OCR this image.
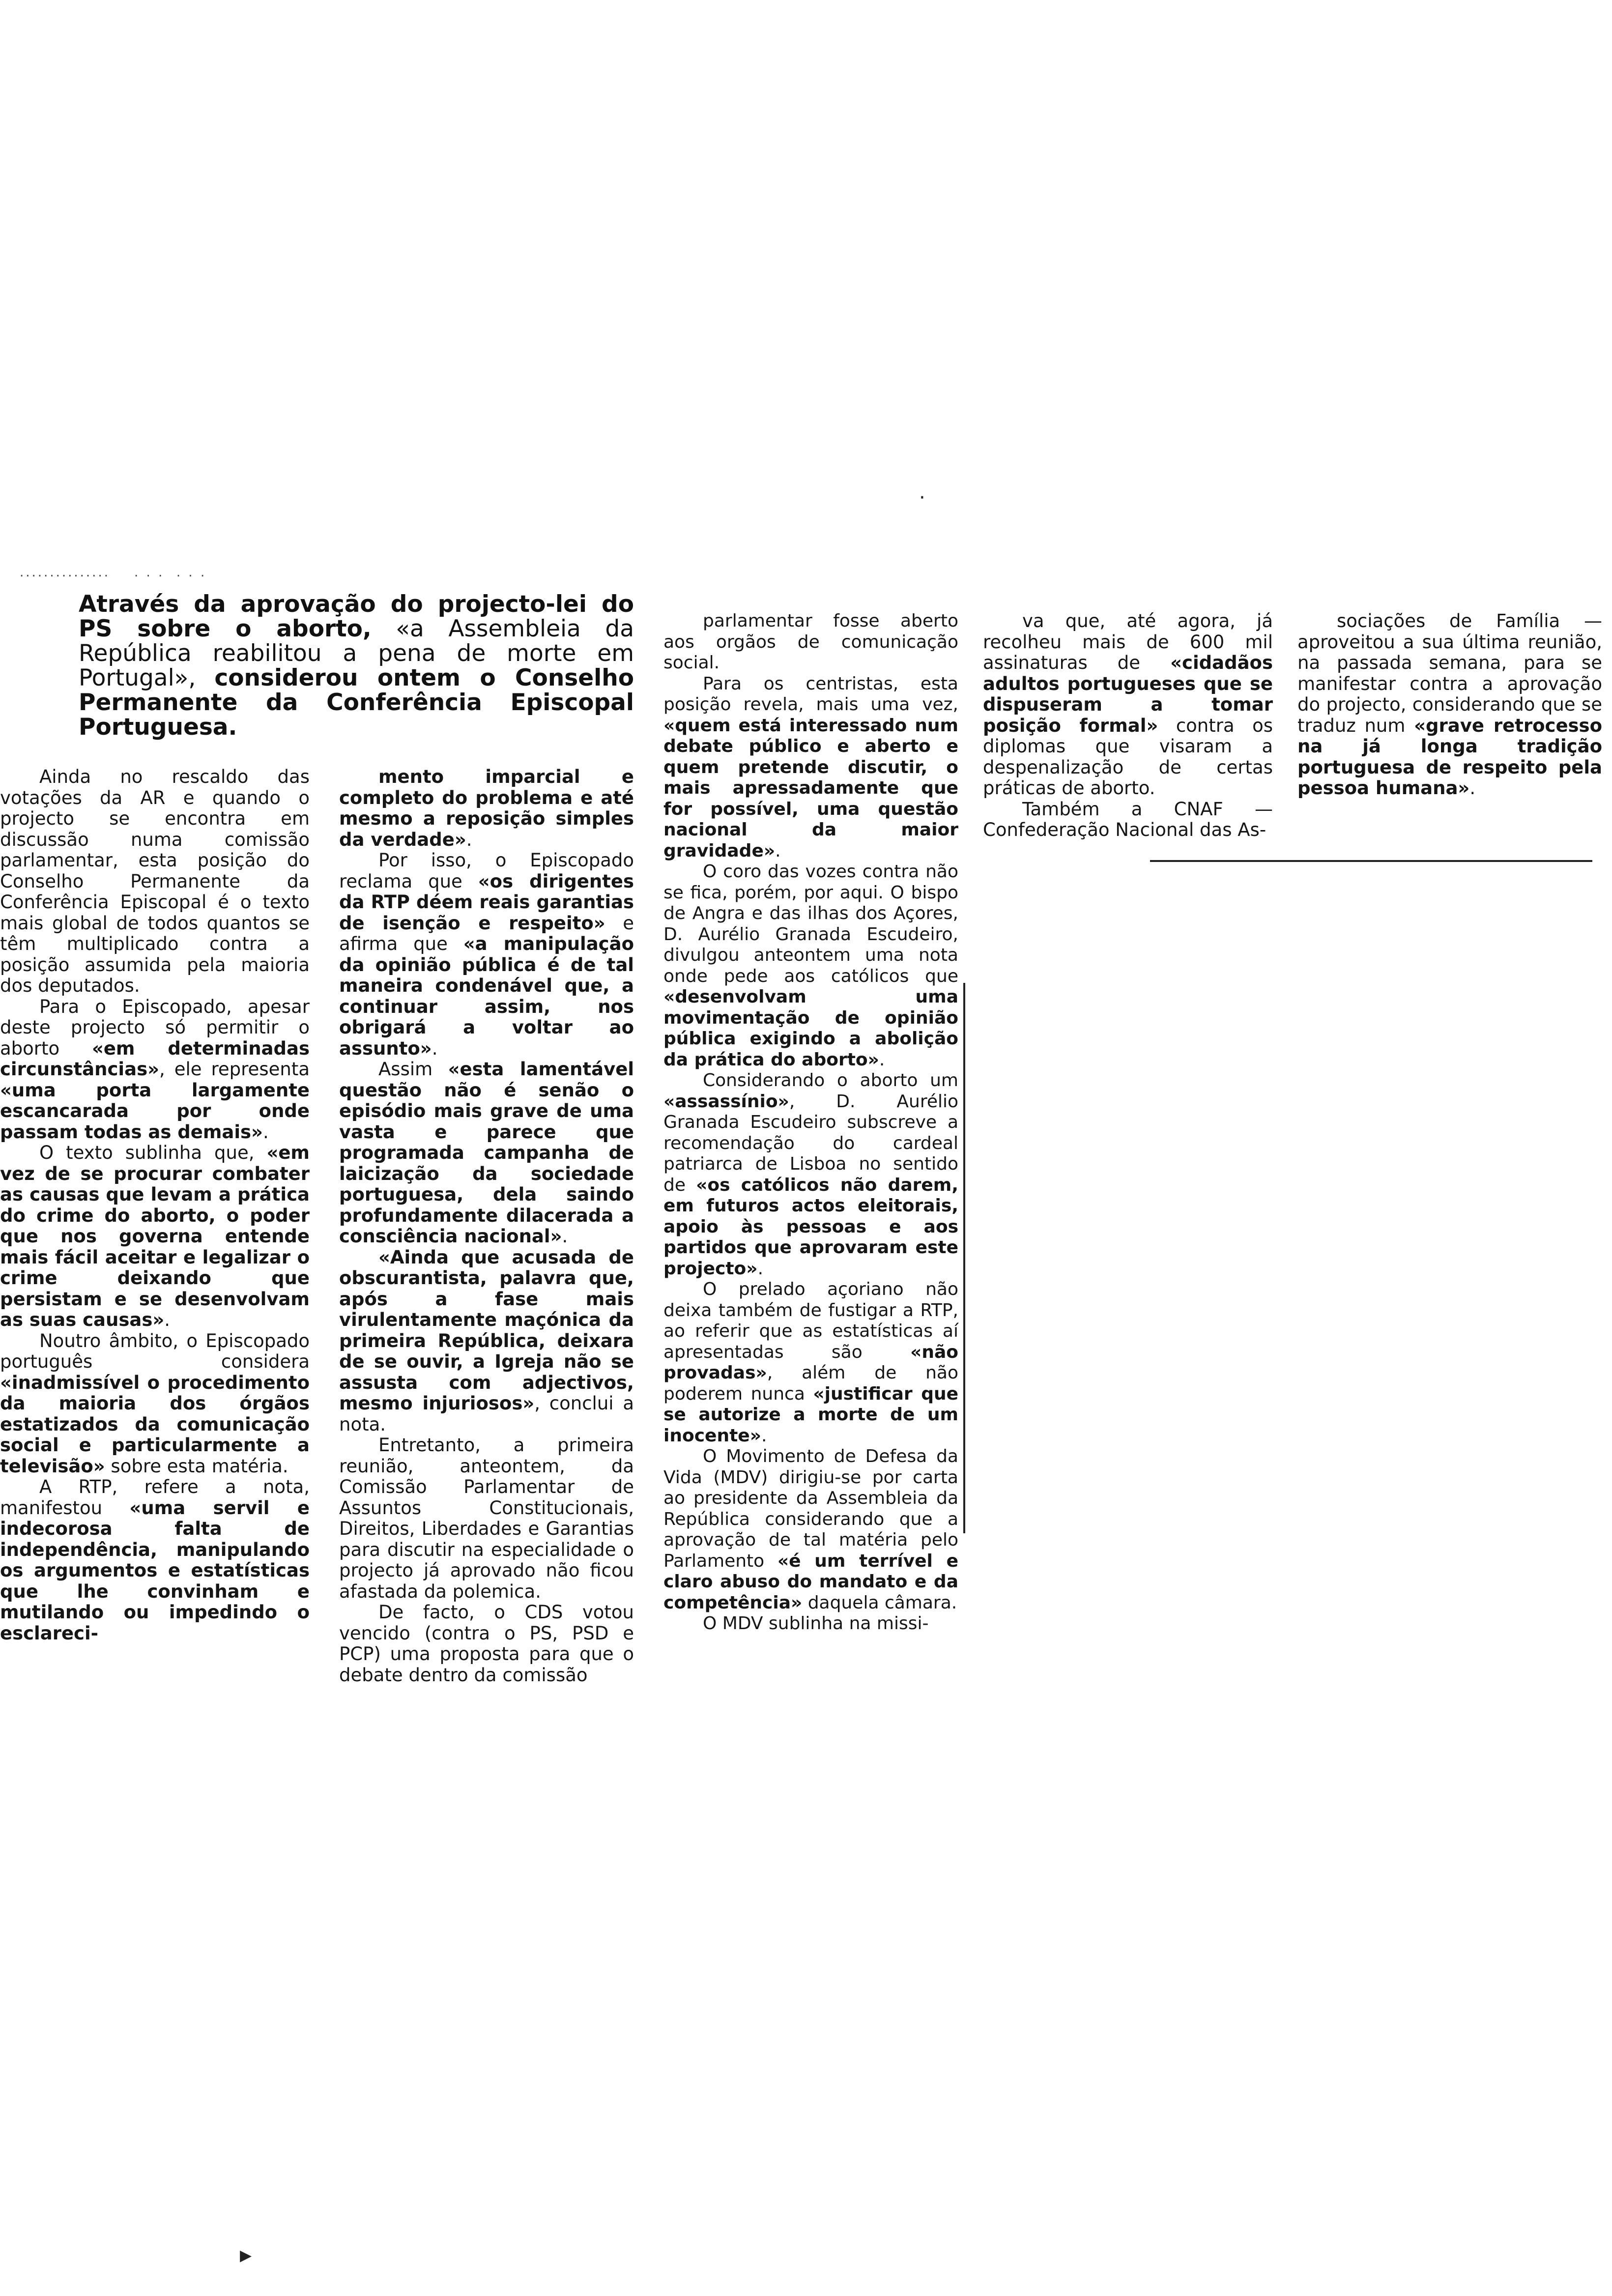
...............    . . .  . . .
·
▸

Através da aprovação do projecto-lei do PS sobre o aborto, «a Assembleia da República reabilitou a pena de morte em Portugal», considerou ontem o Conselho Permanente da Conferência Episcopal Portuguesa.

Ainda no rescaldo das votações da AR e quando o projecto se encontra em discussão numa comissão parlamentar, esta posição do Conselho Permanente da Conferência Episcopal é o texto mais global de todos quantos se têm multiplicado contra a posição assumida pela maioria dos deputados.

Para o Episcopado, apesar deste projecto só permitir o aborto «em determinadas circunstâncias», ele representa «uma porta largamente escancarada por onde passam todas as demais».

O texto sublinha que, «em vez de se procurar combater as causas que levam a prática do crime do aborto, o poder que nos governa entende mais fácil aceitar e legalizar o crime deixando que persistam e se desenvolvam as suas causas».

Noutro âmbito, o Episcopado português considera «inadmissível o procedimento da maioria dos órgãos estatizados da comunicação social e particularmente a televisão» sobre esta matéria.

A RTP, refere a nota, manifestou «uma servil e indecorosa falta de independência, manipulando os argumentos e estatísticas que lhe convinham e mutilando ou impedindo o esclareci-

mento imparcial e completo do problema e até mesmo a reposição simples da verdade».

Por isso, o Episcopado reclama que «os dirigentes da RTP déem reais garantias de isenção e respeito» e afirma que «a manipulação da opinião pública é de tal maneira condenável que, a continuar assim, nos obrigará a voltar ao assunto».

Assim «esta lamentável questão não é senão o episódio mais grave de uma vasta e parece que programada campanha de laicização da sociedade portuguesa, dela saindo profundamente dilacerada a consciência nacional».

«Ainda que acusada de obscurantista, palavra que, após a fase mais virulentamente maçónica da primeira República, deixara de se ouvir, a Igreja não se assusta com adjectivos, mesmo injuriosos», conclui a nota.

Entretanto, a primeira reunião, anteontem, da Comissão Parlamentar de Assuntos Constitucionais, Direitos, Liberdades e Garantias para discutir na especialidade o projecto já aprovado não ficou afastada da polemica.

De facto, o CDS votou vencido (contra o PS, PSD e PCP) uma proposta para que o debate dentro da comissão

parlamentar fosse aberto aos orgãos de comunicação social.

Para os centristas, esta posição revela, mais uma vez, «quem está interessado num debate público e aberto e quem pretende discutir, o mais apressadamente que for possível, uma questão nacional da maior gravidade».

O coro das vozes contra não se fica, porém, por aqui. O bispo de Angra e das ilhas dos Açores, D. Aurélio Granada Escudeiro, divulgou anteontem uma nota onde pede aos católicos que «desenvolvam uma movimentação de opinião pública exigindo a abolição da prática do aborto».

Considerando o aborto um «assassínio», D. Aurélio Granada Escudeiro subscreve a recomendação do cardeal patriarca de Lisboa no sentido de «os católicos não darem, em futuros actos eleitorais, apoio às pessoas e aos partidos que aprovaram este projecto».

O prelado açoriano não deixa também de fustigar a RTP, ao referir que as estatísticas aí apresentadas são «não provadas», além de não poderem nunca «justificar que se autorize a morte de um inocente».

O Movimento de Defesa da Vida (MDV) dirigiu-se por carta ao presidente da Assembleia da República considerando que a aprovação de tal matéria pelo Parlamento «é um terrível e claro abuso do mandato e da competência» daquela câmara.

O MDV sublinha na missi-

va que, até agora, já recolheu mais de 600 mil assinaturas de «cidadãos adultos portugueses que se dispuseram a tomar posição formal» contra os diplomas que visaram a despenalização de certas práticas de aborto.

Também a CNAF — Confederação Nacional das As-

sociações de Família — aproveitou a sua última reunião, na passada semana, para se manifestar contra a aprovação do projecto, considerando que se traduz num «grave retrocesso na já longa tradição portuguesa de respeito pela pessoa humana».
